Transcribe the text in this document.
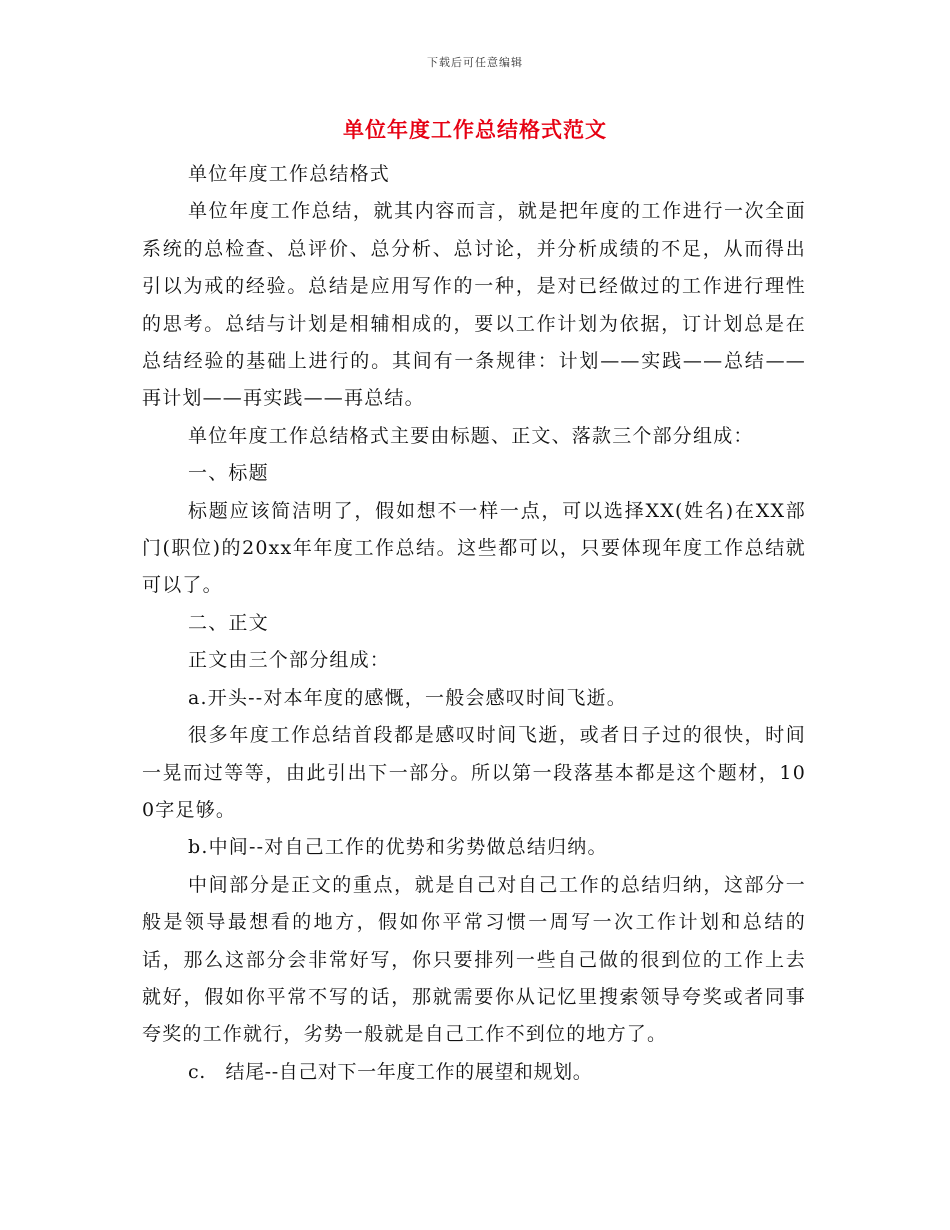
下载后可任意编辑
单位年度工作总结格式范文

单位年度工作总结格式

单位年度工作总结，就其内容而言，就是把年度的工作进行一次全面系统的总检查、总评价、总分析、总讨论，并分析成绩的不足，从而得出引以为戒的经验。总结是应用写作的一种，是对已经做过的工作进行理性的思考。总结与计划是相辅相成的，要以工作计划为依据，订计划总是在总结经验的基础上进行的。其间有一条规律：计划——实践——总结——再计划——再实践——再总结。

单位年度工作总结格式主要由标题、正文、落款三个部分组成：

一、标题

标题应该简洁明了，假如想不一样一点，可以选择XX(姓名)在XX部门(职位)的20xx年年度工作总结。这些都可以，只要体现年度工作总结就可以了。

二、正文

正文由三个部分组成：

a.开头--对本年度的感慨，一般会感叹时间飞逝。

很多年度工作总结首段都是感叹时间飞逝，或者日子过的很快，时间一晃而过等等，由此引出下一部分。所以第一段落基本都是这个题材，100字足够。

b.中间--对自己工作的优势和劣势做总结归纳。

中间部分是正文的重点，就是自己对自己工作的总结归纳，这部分一般是领导最想看的地方，假如你平常习惯一周写一次工作计划和总结的话，那么这部分会非常好写，你只要排列一些自己做的很到位的工作上去就好，假如你平常不写的话，那就需要你从记忆里搜索领导夸奖或者同事夸奖的工作就行，劣势一般就是自己工作不到位的地方了。

c.　结尾--自己对下一年度工作的展望和规划。
